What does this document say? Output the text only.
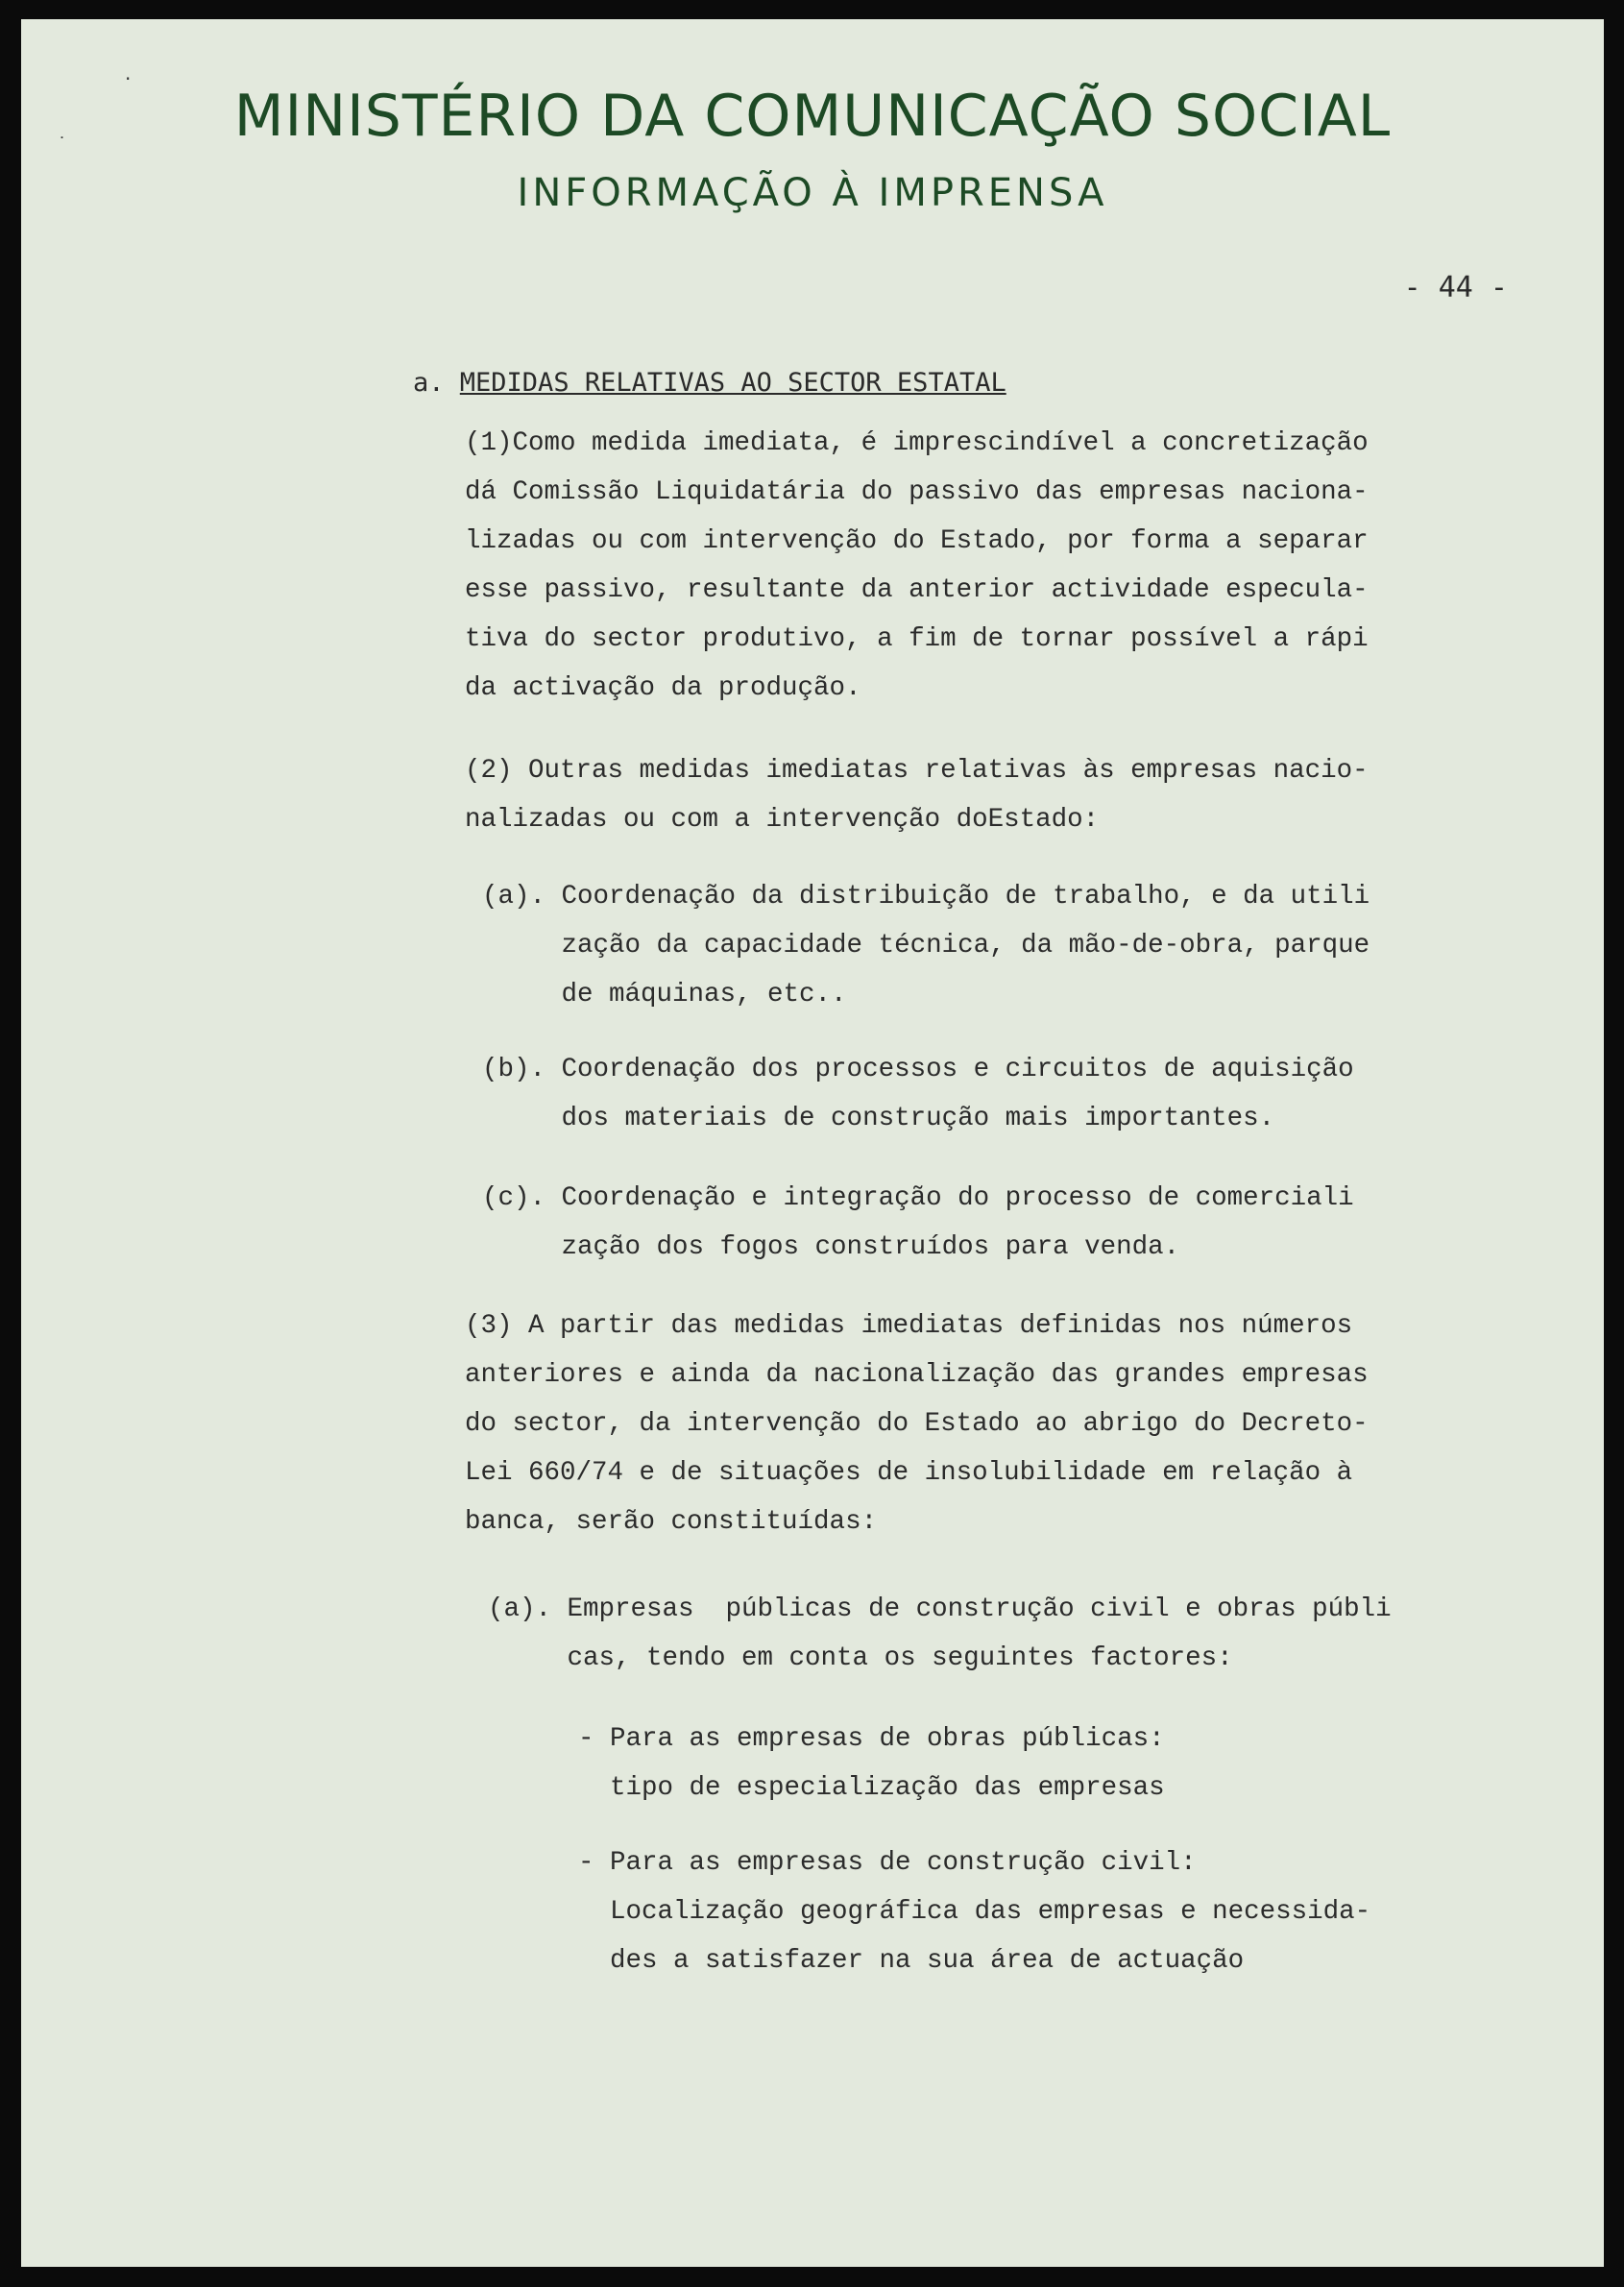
·
˙	MINISTÉRIO DA COMUNICAÇÃO SOCIAL
INFORMAÇÃO À IMPRENSA
- 44 -
a. MEDIDAS RELATIVAS AO SECTOR ESTATAL
(1)Como medida imediata, é imprescindível a concretização
dá Comissão Liquidatária do passivo das empresas naciona-
lizadas ou com intervenção do Estado, por forma a separar
esse passivo, resultante da anterior actividade especula-
tiva do sector produtivo, a fim de tornar possível a rápi
da activação da produção.
(2) Outras medidas imediatas relativas às empresas nacio-
nalizadas ou com a intervenção doEstado:
(a). Coordenação da distribuição de trabalho, e da utili
zação da capacidade técnica, da mão-de-obra, parque
de máquinas, etc..
(b). Coordenação dos processos e circuitos de aquisição
dos materiais de construção mais importantes.
(c). Coordenação e integração do processo de comerciali
zação dos fogos construídos para venda.
(3) A partir das medidas imediatas definidas nos números
anteriores e ainda da nacionalização das grandes empresas
do sector, da intervenção do Estado ao abrigo do Decreto-
Lei 660/74 e de situações de insolubilidade em relação à
banca, serão constituídas:
(a). Empresas  públicas de construção civil e obras públi
cas, tendo em conta os seguintes factores:
- Para as empresas de obras públicas:
tipo de especialização das empresas
- Para as empresas de construção civil:
Localização geográfica das empresas e necessida-
des a satisfazer na sua área de actuação
